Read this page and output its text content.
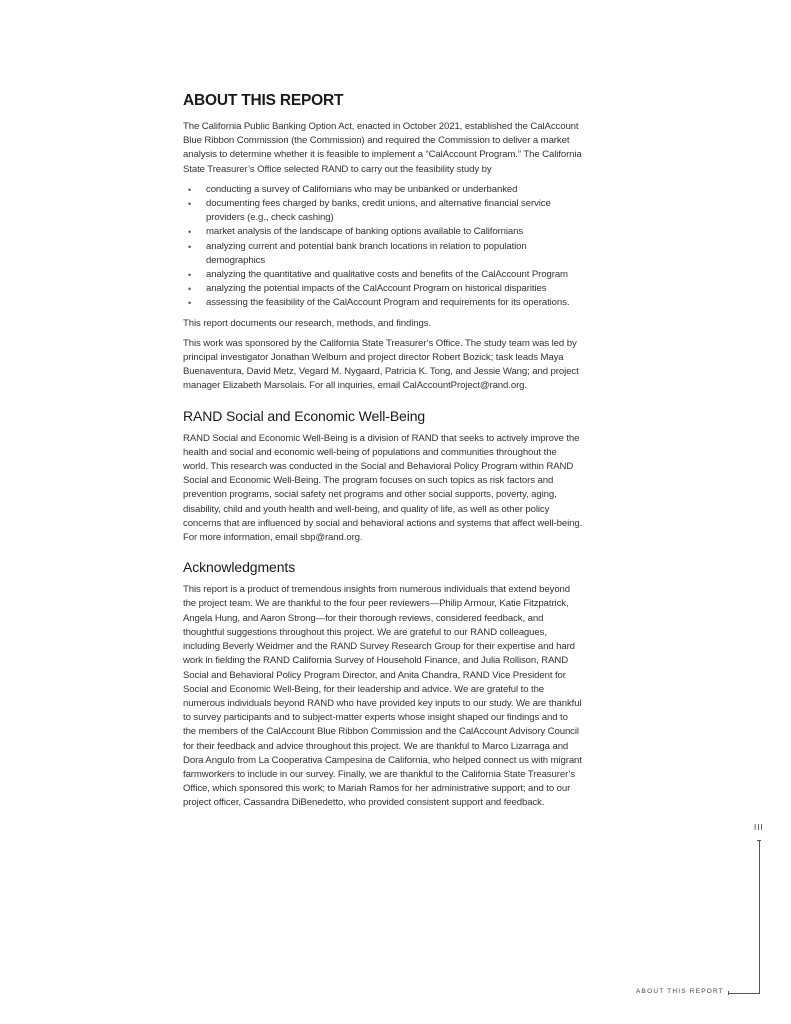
ABOUT THIS REPORT

The California Public Banking Option Act, enacted in October 2021, established the CalAccount Blue Ribbon Commission (the Commission) and required the Commission to deliver a market analysis to determine whether it is feasible to implement a “CalAccount Program.” The California State Treasurer’s Office selected RAND to carry out the feasibility study by

• conducting a survey of Californians who may be unbanked or underbanked
• documenting fees charged by banks, credit unions, and alternative financial service providers (e.g., check cashing)
• market analysis of the landscape of banking options available to Californians
• analyzing current and potential bank branch locations in relation to population demographics
• analyzing the quantitative and qualitative costs and benefits of the CalAccount Program
• analyzing the potential impacts of the CalAccount Program on historical disparities
• assessing the feasibility of the CalAccount Program and requirements for its operations.

This report documents our research, methods, and findings.

This work was sponsored by the California State Treasurer’s Office. The study team was led by principal investigator Jonathan Welburn and project director Robert Bozick; task leads Maya Buenaventura, David Metz, Vegard M. Nygaard, Patricia K. Tong, and Jessie Wang; and project manager Elizabeth Marsolais. For all inquiries, email CalAccountProject@rand.org.

RAND Social and Economic Well-Being

RAND Social and Economic Well-Being is a division of RAND that seeks to actively improve the health and social and economic well-being of populations and communities throughout the world. This research was conducted in the Social and Behavioral Policy Program within RAND Social and Economic Well-Being. The program focuses on such topics as risk factors and prevention programs, social safety net programs and other social supports, poverty, aging, disability, child and youth health and well-being, and quality of life, as well as other policy concerns that are influenced by social and behavioral actions and systems that affect well-being. For more information, email sbp@rand.org.

Acknowledgments

This report is a product of tremendous insights from numerous individuals that extend beyond the project team. We are thankful to the four peer reviewers—Philip Armour, Katie Fitzpatrick, Angela Hung, and Aaron Strong—for their thorough reviews, considered feedback, and thoughtful suggestions throughout this project. We are grateful to our RAND colleagues, including Beverly Weidmer and the RAND Survey Research Group for their expertise and hard work in fielding the RAND California Survey of Household Finance, and Julia Rollison, RAND Social and Behavioral Policy Program Director, and Anita Chandra, RAND Vice President for Social and Economic Well-Being, for their leadership and advice. We are grateful to the numerous individuals beyond RAND who have provided key inputs to our study. We are thankful to survey participants and to subject-matter experts whose insight shaped our findings and to the members of the CalAccount Blue Ribbon Commission and the CalAccount Advisory Council for their feedback and advice throughout this project. We are thankful to Marco Lizarraga and Dora Angulo from La Cooperativa Campesina de California, who helped connect us with migrant farmworkers to include in our survey. Finally, we are thankful to the California State Treasurer’s Office, which sponsored this work; to Mariah Ramos for her administrative support; and to our project officer, Cassandra DiBenedetto, who provided consistent support and feedback.

III
ABOUT THIS REPORT
